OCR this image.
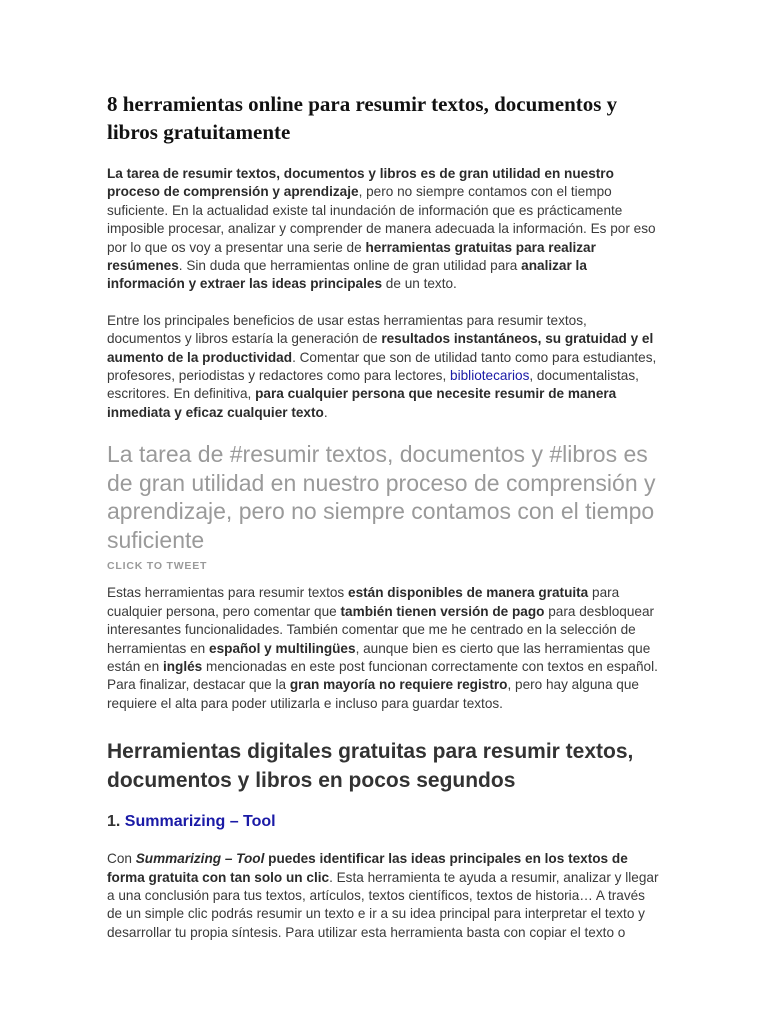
8 herramientas online para resumir textos, documentos y libros gratuitamente

La tarea de resumir textos, documentos y libros es de gran utilidad en nuestro proceso de comprensión y aprendizaje, pero no siempre contamos con el tiempo suficiente. En la actualidad existe tal inundación de información que es prácticamente imposible procesar, analizar y comprender de manera adecuada la información. Es por eso por lo que os voy a presentar una serie de herramientas gratuitas para realizar resúmenes. Sin duda que herramientas online de gran utilidad para analizar la información y extraer las ideas principales de un texto.

Entre los principales beneficios de usar estas herramientas para resumir textos, documentos y libros estaría la generación de resultados instantáneos, su gratuidad y el aumento de la productividad. Comentar que son de utilidad tanto como para estudiantes, profesores, periodistas y redactores como para lectores, bibliotecarios, documentalistas, escritores. En definitiva, para cualquier persona que necesite resumir de manera inmediata y eficaz cualquier texto.

La tarea de #resumir textos, documentos y #libros es de gran utilidad en nuestro proceso de comprensión y aprendizaje, pero no siempre contamos con el tiempo suficiente
CLICK TO TWEET

Estas herramientas para resumir textos están disponibles de manera gratuita para cualquier persona, pero comentar que también tienen versión de pago para desbloquear interesantes funcionalidades. También comentar que me he centrado en la selección de herramientas en español y multilingües, aunque bien es cierto que las herramientas que están en inglés mencionadas en este post funcionan correctamente con textos en español. Para finalizar, destacar que la gran mayoría no requiere registro, pero hay alguna que requiere el alta para poder utilizarla e incluso para guardar textos.

Herramientas digitales gratuitas para resumir textos, documentos y libros en pocos segundos
1. Summarizing – Tool

Con Summarizing – Tool puedes identificar las ideas principales en los textos de forma gratuita con tan solo un clic. Esta herramienta te ayuda a resumir, analizar y llegar a una conclusión para tus textos, artículos, textos científicos, textos de historia… A través de un simple clic podrás resumir un texto e ir a su idea principal para interpretar el texto y desarrollar tu propia síntesis. Para utilizar esta herramienta basta con copiar el texto o
